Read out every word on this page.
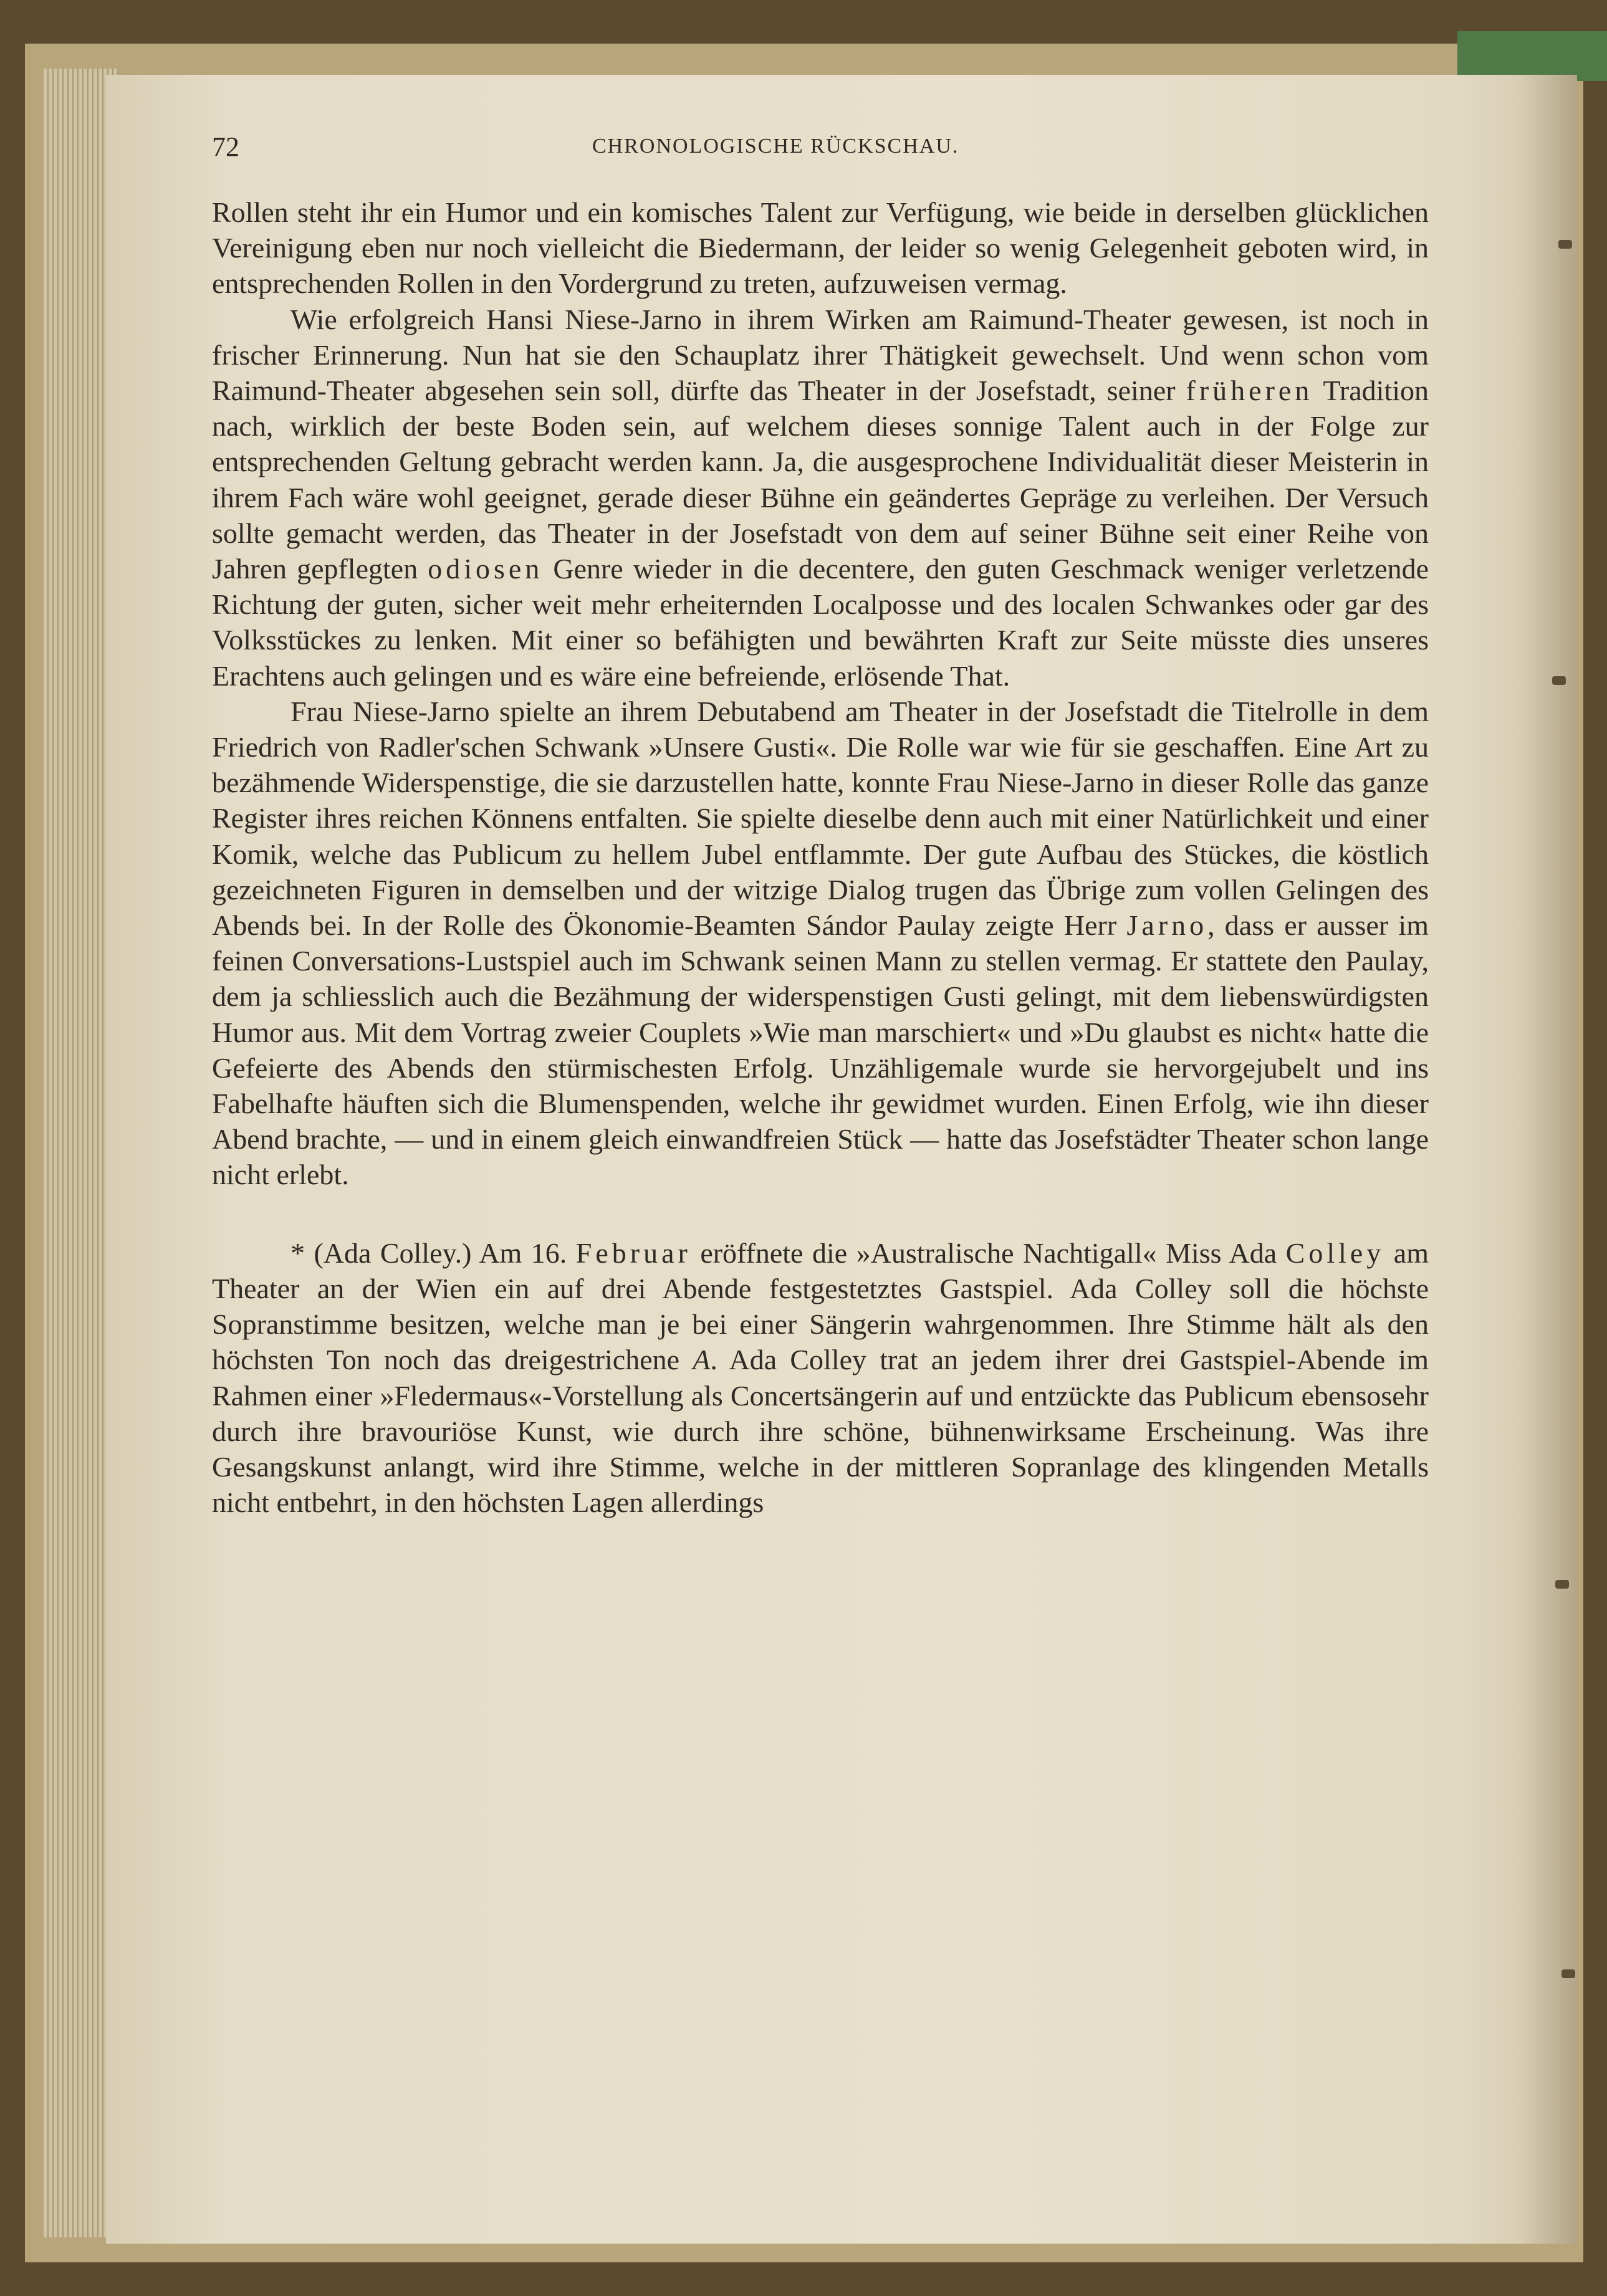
72	CHRONOLOGISCHE RÜCKSCHAU.

Rollen steht ihr ein Humor und ein komisches Talent zur Verfügung, wie beide in derselben glücklichen Vereinigung eben nur noch vielleicht die Biedermann, der leider so wenig Gelegenheit geboten wird, in entsprechenden Rollen in den Vordergrund zu treten, aufzuweisen vermag.

Wie erfolgreich Hansi Niese-Jarno in ihrem Wirken am Raimund-Theater gewesen, ist noch in frischer Erinnerung. Nun hat sie den Schauplatz ihrer Thätigkeit gewechselt. Und wenn schon vom Raimund-Theater abgesehen sein soll, dürfte das Theater in der Josefstadt, seiner früheren Tradition nach, wirklich der beste Boden sein, auf welchem dieses sonnige Talent auch in der Folge zur entsprechenden Geltung gebracht werden kann. Ja, die ausgesprochene Individualität dieser Meisterin in ihrem Fach wäre wohl geeignet, gerade dieser Bühne ein geändertes Gepräge zu verleihen. Der Versuch sollte gemacht werden, das Theater in der Josefstadt von dem auf seiner Bühne seit einer Reihe von Jahren gepflegten odiosen Genre wieder in die decentere, den guten Geschmack weniger verletzende Richtung der guten, sicher weit mehr erheiternden Localposse und des localen Schwankes oder gar des Volksstückes zu lenken. Mit einer so befähigten und bewährten Kraft zur Seite müsste dies unseres Erachtens auch gelingen und es wäre eine befreiende, erlösende That.

Frau Niese-Jarno spielte an ihrem Debutabend am Theater in der Josefstadt die Titelrolle in dem Friedrich von Radler'schen Schwank »Unsere Gusti«. Die Rolle war wie für sie geschaffen. Eine Art zu bezähmende Widerspenstige, die sie darzustellen hatte, konnte Frau Niese-Jarno in dieser Rolle das ganze Register ihres reichen Könnens entfalten. Sie spielte dieselbe denn auch mit einer Natürlichkeit und einer Komik, welche das Publicum zu hellem Jubel entflammte. Der gute Aufbau des Stückes, die köstlich gezeichneten Figuren in demselben und der witzige Dialog trugen das Übrige zum vollen Gelingen des Abends bei. In der Rolle des Ökonomie-Beamten Sándor Paulay zeigte Herr Jarno, dass er ausser im feinen Conversations-Lustspiel auch im Schwank seinen Mann zu stellen vermag. Er stattete den Paulay, dem ja schliesslich auch die Bezähmung der widerspenstigen Gusti gelingt, mit dem liebenswürdigsten Humor aus. Mit dem Vortrag zweier Couplets »Wie man marschiert« und »Du glaubst es nicht« hatte die Gefeierte des Abends den stürmischesten Erfolg. Unzähligemale wurde sie hervorgejubelt und ins Fabelhafte häuften sich die Blumenspenden, welche ihr gewidmet wurden. Einen Erfolg, wie ihn dieser Abend brachte, — und in einem gleich einwandfreien Stück — hatte das Josefstädter Theater schon lange nicht erlebt.

* (Ada Colley.) Am 16. Februar eröffnete die »Australische Nachtigall« Miss Ada Colley am Theater an der Wien ein auf drei Abende festgestetztes Gastspiel. Ada Colley soll die höchste Sopranstimme besitzen, welche man je bei einer Sängerin wahrgenommen. Ihre Stimme hält als den höchsten Ton noch das dreigestrichene A. Ada Colley trat an jedem ihrer drei Gastspiel-Abende im Rahmen einer »Fledermaus«-Vorstellung als Concertsängerin auf und entzückte das Publicum ebensosehr durch ihre bravouriöse Kunst, wie durch ihre schöne, bühnenwirksame Erscheinung. Was ihre Gesangskunst anlangt, wird ihre Stimme, welche in der mittleren Sopranlage des klingenden Metalls nicht entbehrt, in den höchsten Lagen allerdings
